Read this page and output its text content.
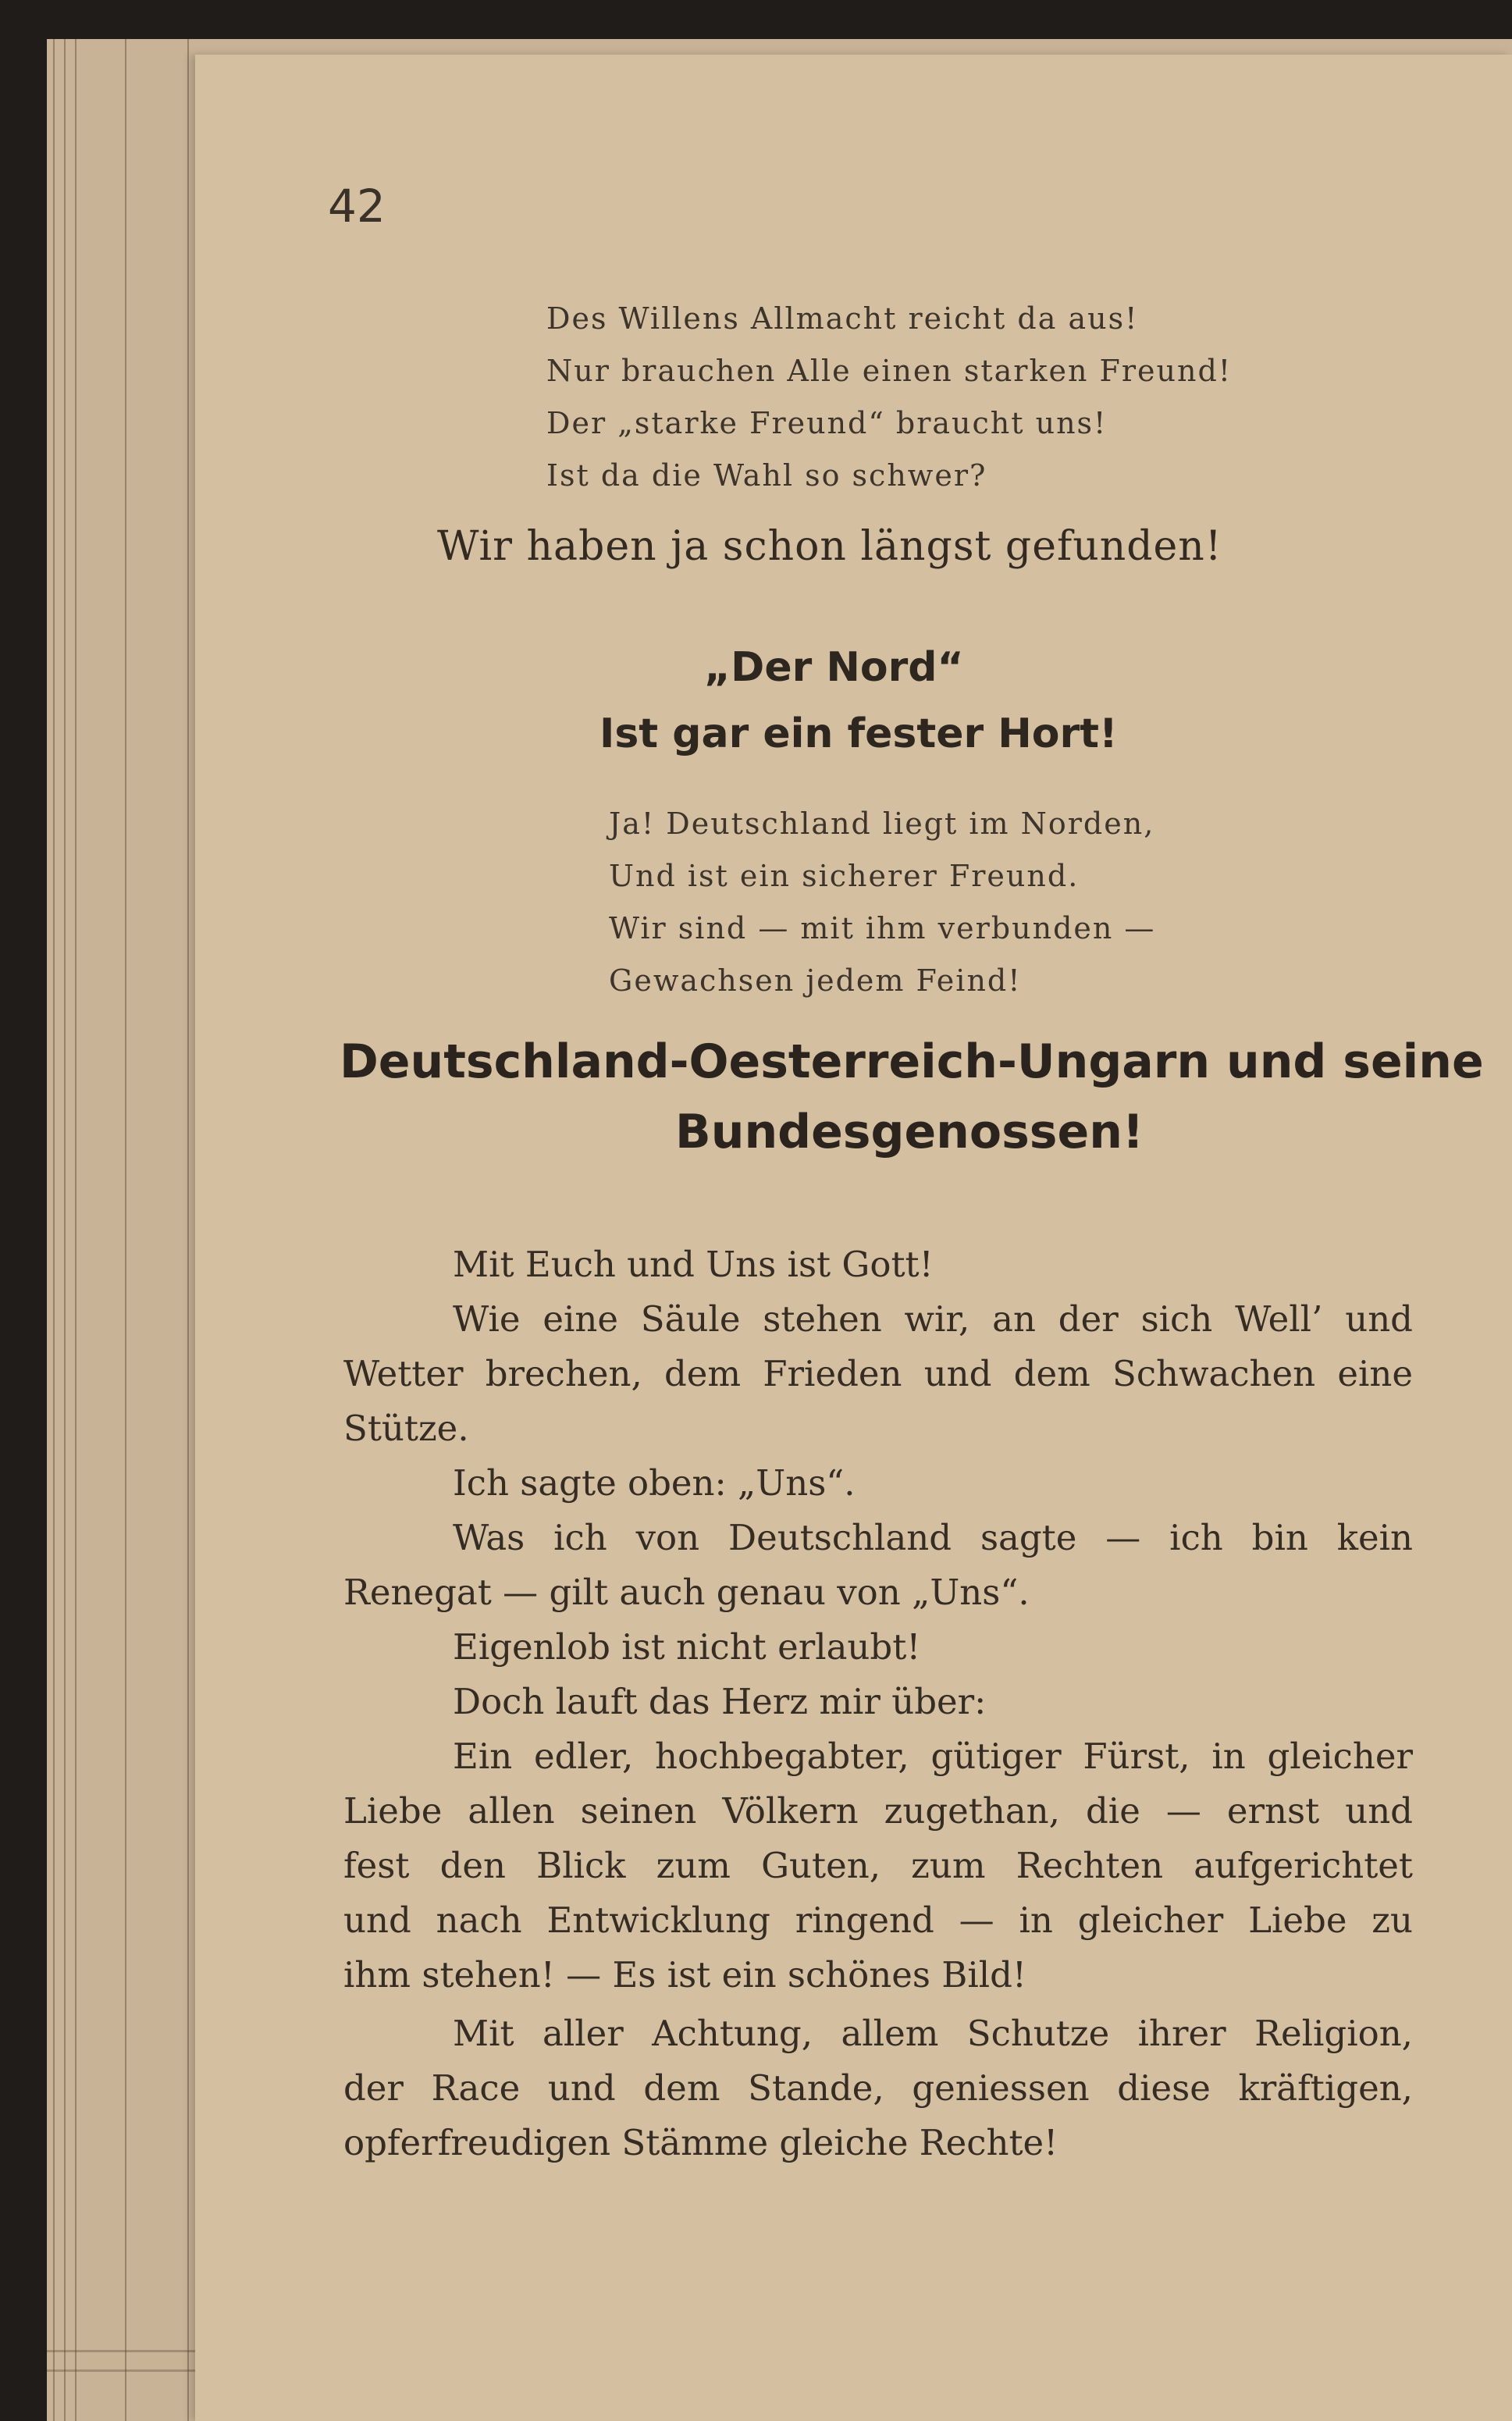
42
Des Willens Allmacht reicht da aus!
Nur brauchen Alle einen starken Freund!
Der „starke Freund“ braucht uns!
Ist da die Wahl so schwer?
Wir haben ja schon längst gefunden!
„Der Nord“
Ist gar ein fester Hort!
Ja! Deutschland liegt im Norden,
Und ist ein sicherer Freund.
Wir sind — mit ihm verbunden —
Gewachsen jedem Feind!
Deutschland-Oesterreich-Ungarn und seine
Bundesgenossen!

Mit Euch und Uns ist Gott!

Wie eine Säule stehen wir, an der sich Well’ und

Wetter brechen, dem Frieden und dem Schwachen eine

Stütze.

Ich sagte oben: „Uns“.

Was ich von Deutschland sagte — ich bin kein

Renegat — gilt auch genau von „Uns“.

Eigenlob ist nicht erlaubt!

Doch lauft das Herz mir über:

Ein edler, hochbegabter, gütiger Fürst, in gleicher

Liebe allen seinen Völkern zugethan, die — ernst und

fest den Blick zum Guten, zum Rechten aufgerichtet

und nach Entwicklung ringend — in gleicher Liebe zu

ihm stehen! — Es ist ein schönes Bild!

Mit aller Achtung, allem Schutze ihrer Religion,

der Race und dem Stande, geniessen diese kräftigen,

opferfreudigen Stämme gleiche Rechte!
